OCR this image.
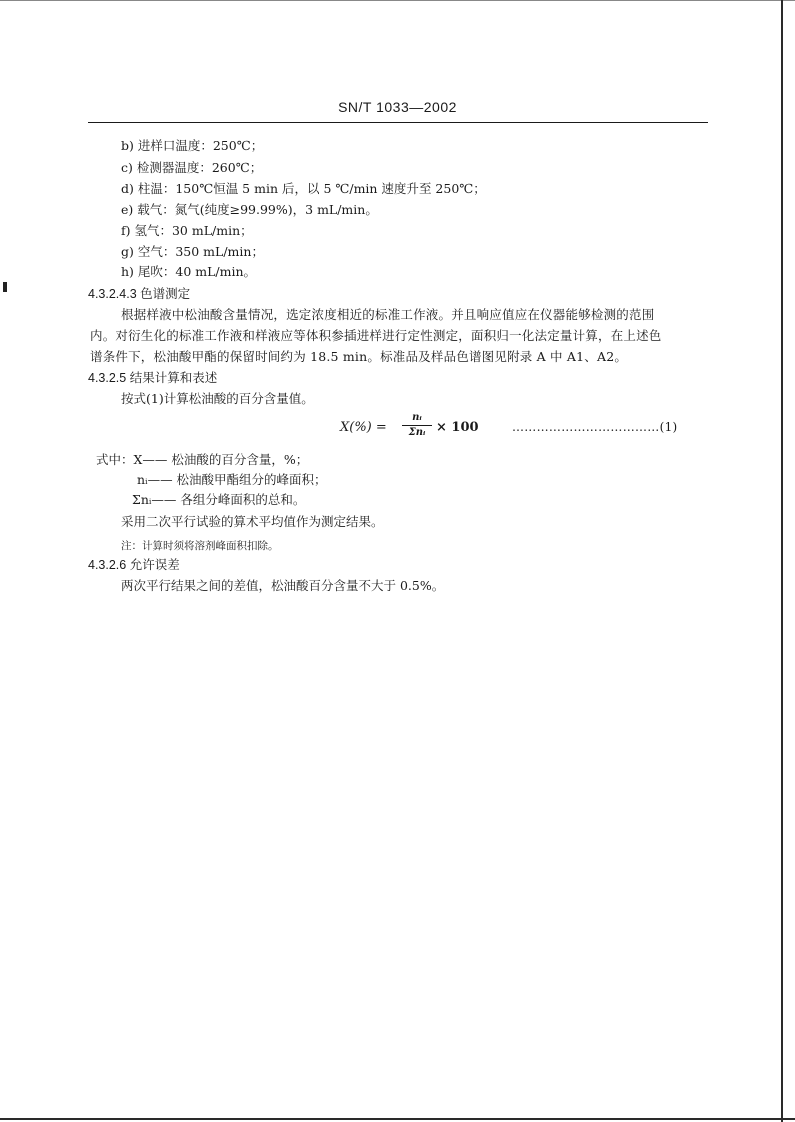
SN/T 1033—2002
b) 进样口温度：250℃；
c) 检测器温度：260℃；
d) 柱温：150℃恒温 5 min 后，以 5 ℃/min 速度升至 250℃；
e) 载气：氮气(纯度≥99.99%)，3 mL/min。
f) 氢气：30 mL/min；
g) 空气：350 mL/min；
h) 尾吹：40 mL/min。
4.3.2.4.3 色谱测定
根据样液中松油酸含量情况，选定浓度相近的标准工作液。并且响应值应在仪器能够检测的范围
内。对衍生化的标准工作液和样液应等体积参插进样进行定性测定，面积归一化法定量计算，在上述色
谱条件下，松油酸甲酯的保留时间约为 18.5 min。标准品及样品色谱图见附录 A 中 A1、A2。
4.3.2.5 结果计算和表述
按式(1)计算松油酸的百分含量值。
X(%) =
nᵢ
Σnᵢ × 100	………………………………(1)
式中：X—— 松油酸的百分含量，%；
nᵢ—— 松油酸甲酯组分的峰面积；
Σnᵢ—— 各组分峰面积的总和。
采用二次平行试验的算术平均值作为测定结果。
注：计算时须将溶剂峰面积扣除。
4.3.2.6 允许误差
两次平行结果之间的差值，松油酸百分含量不大于 0.5%。
